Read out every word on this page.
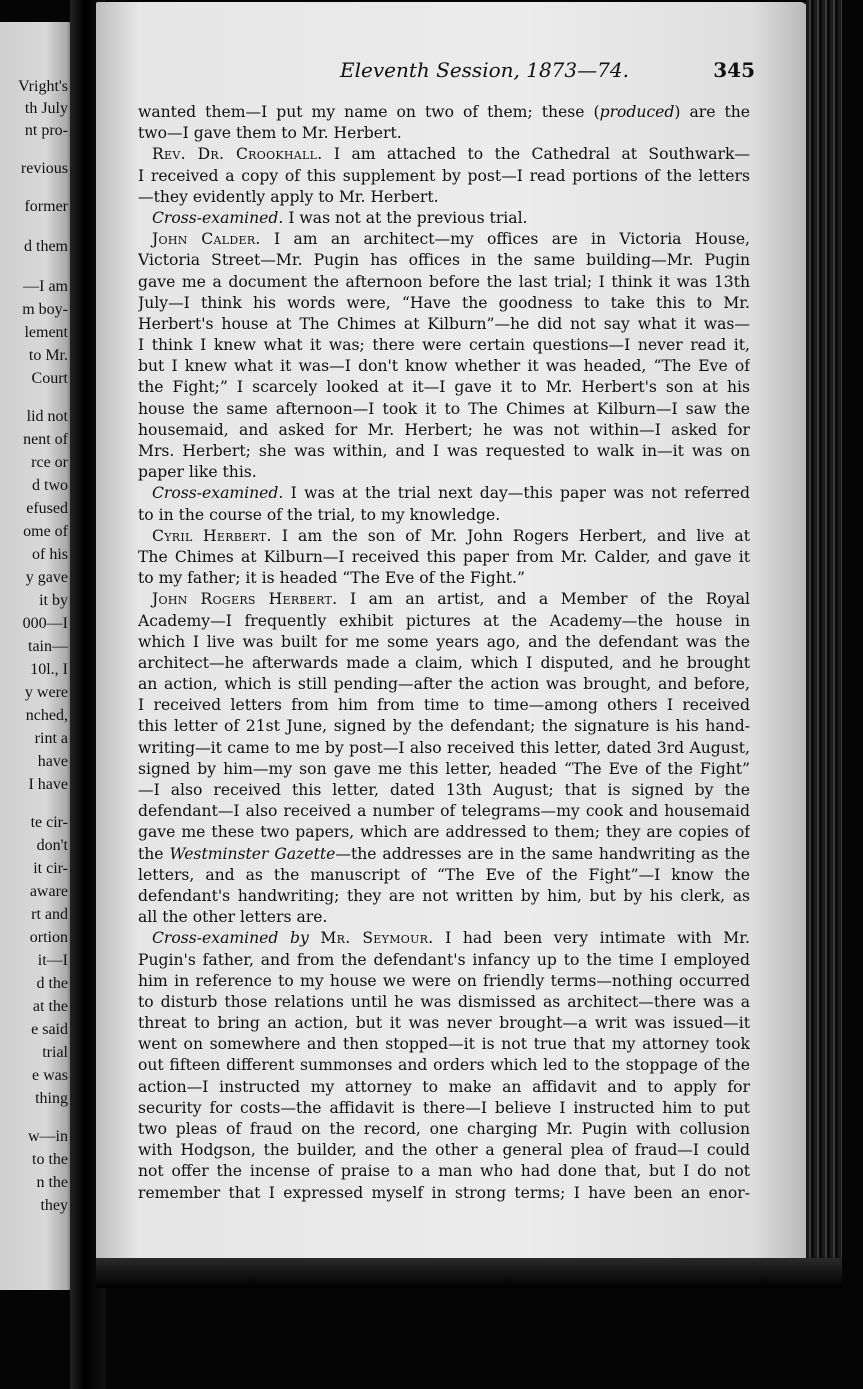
Vright's
th July
nt pro-
revious
former
d them
—I am
m boy-
lement
to Mr.
Court
lid not
nent of
rce or
d two
efused
ome of
of his
y gave
it by
000—I
tain—
10l., I
y were
nched,
rint a
have
I have
te cir-
don't
it cir-
aware
rt and
ortion
it—I
d the
at the
e said
trial
e was
thing
w—in
to the
n the
they
Eleventh Session, 1873—74.	345
wanted them—I put my name on two of them; these (produced) are the
two—I gave them to Mr. Herbert.
Rev. Dr. Crookhall. I am attached to the Cathedral at Southwark—
I received a copy of this supplement by post—I read portions of the letters
—they evidently apply to Mr. Herbert.
Cross-examined. I was not at the previous trial.
John Calder. I am an architect—my offices are in Victoria House,
Victoria Street—Mr. Pugin has offices in the same building—Mr. Pugin
gave me a document the afternoon before the last trial; I think it was 13th
July—I think his words were, “Have the goodness to take this to Mr.
Herbert's house at The Chimes at Kilburn”—he did not say what it was—
I think I knew what it was; there were certain questions—I never read it,
but I knew what it was—I don't know whether it was headed, “The Eve of
the Fight;” I scarcely looked at it—I gave it to Mr. Herbert's son at his
house the same afternoon—I took it to The Chimes at Kilburn—I saw the
housemaid, and asked for Mr. Herbert; he was not within—I asked for
Mrs. Herbert; she was within, and I was requested to walk in—it was on
paper like this.
Cross-examined. I was at the trial next day—this paper was not referred
to in the course of the trial, to my knowledge.
Cyril Herbert. I am the son of Mr. John Rogers Herbert, and live at
The Chimes at Kilburn—I received this paper from Mr. Calder, and gave it
to my father; it is headed “The Eve of the Fight.”
John Rogers Herbert. I am an artist, and a Member of the Royal
Academy—I frequently exhibit pictures at the Academy—the house in
which I live was built for me some years ago, and the defendant was the
architect—he afterwards made a claim, which I disputed, and he brought
an action, which is still pending—after the action was brought, and before,
I received letters from him from time to time—among others I received
this letter of 21st June, signed by the defendant; the signature is his hand-
writing—it came to me by post—I also received this letter, dated 3rd August,
signed by him—my son gave me this letter, headed “The Eve of the Fight”
—I also received this letter, dated 13th August; that is signed by the
defendant—I also received a number of telegrams—my cook and housemaid
gave me these two papers, which are addressed to them; they are copies of
the Westminster Gazette—the addresses are in the same handwriting as the
letters, and as the manuscript of “The Eve of the Fight”—I know the
defendant's handwriting; they are not written by him, but by his clerk, as
all the other letters are.
Cross-examined by Mr. Seymour. I had been very intimate with Mr.
Pugin's father, and from the defendant's infancy up to the time I employed
him in reference to my house we were on friendly terms—nothing occurred
to disturb those relations until he was dismissed as architect—there was a
threat to bring an action, but it was never brought—a writ was issued—it
went on somewhere and then stopped—it is not true that my attorney took
out fifteen different summonses and orders which led to the stoppage of the
action—I instructed my attorney to make an affidavit and to apply for
security for costs—the affidavit is there—I believe I instructed him to put
two pleas of fraud on the record, one charging Mr. Pugin with collusion
with Hodgson, the builder, and the other a general plea of fraud—I could
not offer the incense of praise to a man who had done that, but I do not
remember that I expressed myself in strong terms; I have been an enor-
